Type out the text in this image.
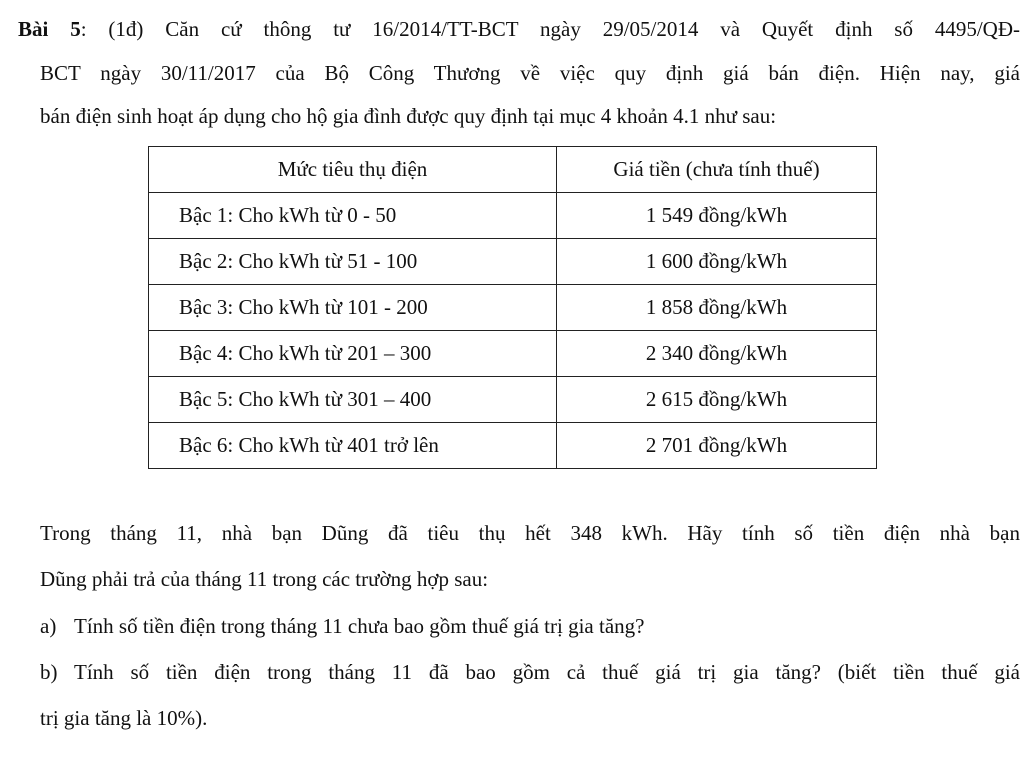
Bài 5: (1đ) Căn cứ thông tư 16/2014/TT-BCT ngày 29/05/2014 và Quyết định số 4495/QĐ-
BCT ngày 30/11/2017 của Bộ Công Thương về việc quy định giá bán điện. Hiện nay, giá
bán điện sinh hoạt áp dụng cho hộ gia đình được quy định tại mục 4 khoản 4.1 như sau:
Mức tiêu thụ điện	Giá tiền (chưa tính thuế)
Bậc 1: Cho kWh từ 0 - 50	1 549 đồng/kWh
Bậc 2: Cho kWh từ 51 - 100	1 600 đồng/kWh
Bậc 3: Cho kWh từ 101 - 200	1 858 đồng/kWh
Bậc 4: Cho kWh từ 201 – 300	2 340 đồng/kWh
Bậc 5: Cho kWh từ 301 – 400	2 615 đồng/kWh
Bậc 6: Cho kWh từ 401 trở lên	2 701 đồng/kWh
Trong tháng 11, nhà bạn Dũng đã tiêu thụ hết 348 kWh. Hãy tính số tiền điện nhà bạn
Dũng phải trả của tháng 11 trong các trường hợp sau:
a) Tính số tiền điện trong tháng 11 chưa bao gồm thuế giá trị gia tăng?
b) Tính số tiền điện trong tháng 11 đã bao gồm cả thuế giá trị gia tăng? (biết tiền thuế giá
trị gia tăng là 10%).
